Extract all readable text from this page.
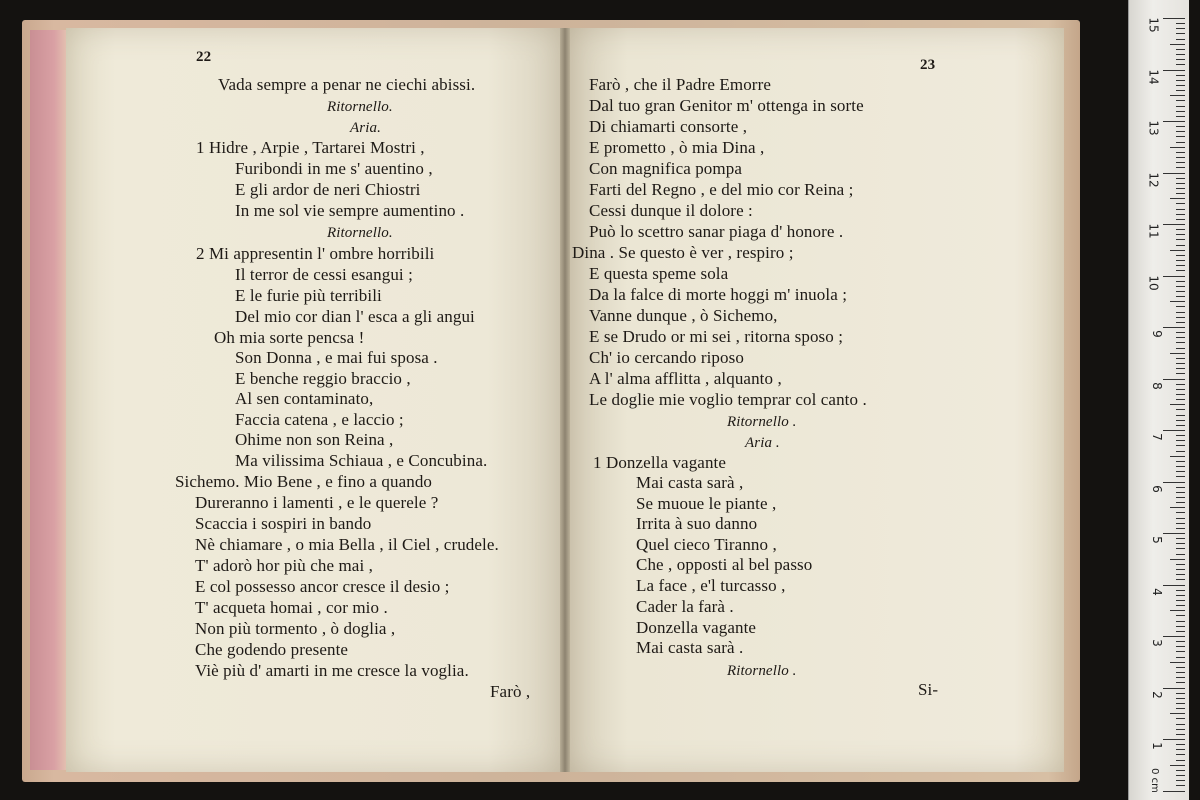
22	23
Vada sempre a penar ne ciechi abissi.
Ritornello.
Aria.
1 Hidre , Arpie , Tartarei Mostri ,
Furibondi in me s' auentino ,
E gli ardor de neri Chiostri
In me sol vie sempre aumentino .
Ritornello.
2 Mi appresentin l' ombre horribili
Il terror de cessi esangui ;
E le furie più terribili
Del mio cor dian l' esca a gli angui
Oh mia sorte pencsa !
Son Donna , e mai fui sposa .
E benche reggio braccio ,
Al sen contaminato,
Faccia catena , e laccio ;
Ohime non son Reina ,
Ma vilissima Schiaua , e Concubina.
Sichemo. Mio Bene , e fino a quando
Dureranno i lamenti , e le querele ?
Scaccia i sospiri in bando
Nè chiamare , o mia Bella , il Ciel , crudele.
T' adorò hor più che mai ,
E col possesso ancor cresce il desio ;
T' acqueta homai , cor mio .
Non più tormento , ò doglia ,
Che godendo presente
Viè più d' amarti in me cresce la voglia.
Farò ,
Farò , che il Padre Emorre
Dal tuo gran Genitor m' ottenga in sorte
Di chiamarti consorte ,
E prometto , ò mia Dina ,
Con magnifica pompa
Farti del Regno , e del mio cor Reina ;
Cessi dunque il dolore :
Può lo scettro sanar piaga d' honore .
Dina . Se questo è ver , respiro ;
E questa speme sola
Da la falce di morte hoggi m' inuola ;
Vanne dunque , ò Sichemo,
E se Drudo or mi sei , ritorna sposo ;
Ch' io cercando riposo
A l' alma afflitta , alquanto ,
Le doglie mie voglio temprar col canto .
Ritornello .
Aria .
1 Donzella vagante
Mai casta sarà ,
Se muoue le piante ,
Irrita à suo danno
Quel cieco Tiranno ,
Che , opposti al bel passo
La face , e'l turcasso ,
Cader la farà .
Donzella vagante
Mai casta sarà .
Ritornello .
Si-
15
14
13
12
11
10
9
8
7
6
5
4
3
2
1
0 cm
